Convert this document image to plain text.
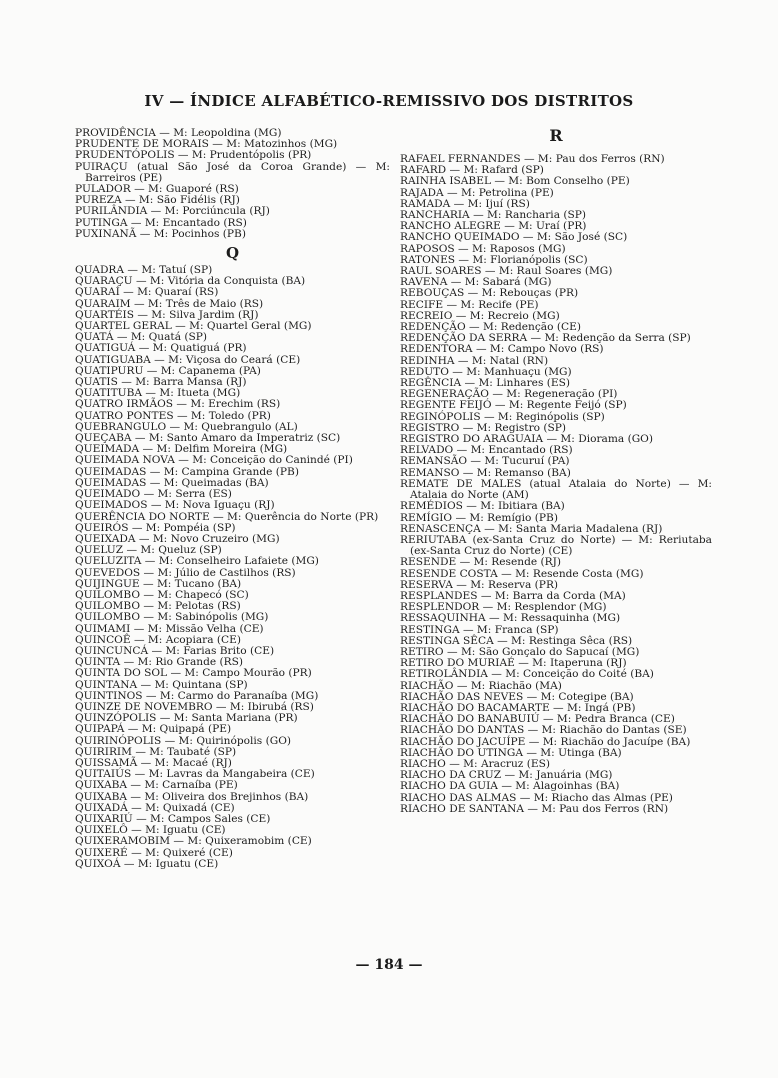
IV — ÍNDICE ALFABÉTICO-REMISSIVO DOS DISTRITOS

PROVIDÊNCIA — M: Leopoldina (MG)

PRUDENTE DE MORAIS — M: Matozinhos (MG)

PRUDENTÓPOLIS — M: Prudentópolis (PR)

PUIRAÇU (atual São José da Coroa Grande) — M: Barreiros (PE)

PULADOR — M: Guaporé (RS)

PUREZA — M: São Fidélis (RJ)

PURILÂNDIA — M: Porciúncula (RJ)

PUTINGA — M: Encantado (RS)

PUXINANÃ — M: Pocinhos (PB)

Q

QUADRA — M: Tatuí (SP)

QUARAÇU — M: Vitória da Conquista (BA)

QUARAÍ — M: Quaraí (RS)

QUARAIM — M: Três de Maio (RS)

QUARTÉIS — M: Silva Jardim (RJ)

QUARTEL GERAL — M: Quartel Geral (MG)

QUATÁ — M: Quatá (SP)

QUATIGUÁ — M: Quatiguá (PR)

QUATIGUABA — M: Viçosa do Ceará (CE)

QUATIPURU — M: Capanema (PA)

QUATIS — M: Barra Mansa (RJ)

QUATITUBA — M: Itueta (MG)

QUATRO IRMÃOS — M: Erechim (RS)

QUATRO PONTES — M: Toledo (PR)

QUEBRANGULO — M: Quebrangulo (AL)

QUEÇABA — M: Santo Amaro da Imperatriz (SC)

QUEIMADA — M: Delfim Moreira (MG)

QUEIMADA NOVA — M: Conceição do Canindé (PI)

QUEIMADAS — M: Campina Grande (PB)

QUEIMADAS — M: Queimadas (BA)

QUEIMADO — M: Serra (ES)

QUEIMADOS — M: Nova Iguaçu (RJ)

QUERÊNCIA DO NORTE — M: Querência do Norte (PR)

QUEIRÓS — M: Pompéia (SP)

QUEIXADA — M: Novo Cruzeiro (MG)

QUELUZ — M: Queluz (SP)

QUELUZITA — M: Conselheiro Lafaiete (MG)

QUEVEDOS — M: Júlio de Castilhos (RS)

QUIJINGUE — M: Tucano (BA)

QUILOMBO — M: Chapecó (SC)

QUILOMBO — M: Pelotas (RS)

QUILOMBO — M: Sabinópolis (MG)

QUIMAMI — M: Missão Velha (CE)

QUINCOÊ — M: Acopiara (CE)

QUINCUNCÁ — M: Farias Brito (CE)

QUINTA — M: Rio Grande (RS)

QUINTA DO SOL — M: Campo Mourão (PR)

QUINTANA — M: Quintana (SP)

QUINTINOS — M: Carmo do Paranaíba (MG)

QUINZE DE NOVEMBRO — M: Ibirubá (RS)

QUINZÓPOLIS — M: Santa Mariana (PR)

QUIPAPÁ — M: Quipapá (PE)

QUIRINÓPOLIS — M: Quirinópolis (GO)

QUIRIRIM — M: Taubaté (SP)

QUISSAMÃ — M: Macaé (RJ)

QUITAIÚS — M: Lavras da Mangabeira (CE)

QUIXABA — M: Carnaíba (PE)

QUIXABA — M: Oliveira dos Brejinhos (BA)

QUIXADÁ — M: Quixadá (CE)

QUIXARIÚ — M: Campos Sales (CE)

QUIXELÔ — M: Iguatu (CE)

QUIXERAMOBIM — M: Quixeramobim (CE)

QUIXERÉ — M: Quixeré (CE)

QUIXOÁ — M: Iguatu (CE)

R

RAFAEL FERNANDES — M: Pau dos Ferros (RN)

RAFARD — M: Rafard (SP)

RAINHA ISABEL — M: Bom Conselho (PE)

RAJADA — M: Petrolina (PE)

RAMADA — M: Ijuí (RS)

RANCHARIA — M: Rancharia (SP)

RANCHO ALEGRE — M: Uraí (PR)

RANCHO QUEIMADO — M: São José (SC)

RAPOSOS — M: Raposos (MG)

RATONES — M: Florianópolis (SC)

RAUL SOARES — M: Raul Soares (MG)

RAVENA — M: Sabará (MG)

REBOUÇAS — M: Rebouças (PR)

RECIFE — M: Recife (PE)

RECREIO — M: Recreio (MG)

REDENÇÃO — M: Redenção (CE)

REDENÇÃO DA SERRA — M: Redenção da Serra (SP)

REDENTORA — M: Campo Novo (RS)

REDINHA — M: Natal (RN)

REDUTO — M: Manhuaçu (MG)

REGÊNCIA — M: Linhares (ES)

REGENERAÇÃO — M: Regeneração (PI)

REGENTE FEIJÓ — M: Regente Feijó (SP)

REGINÓPOLIS — M: Reginópolis (SP)

REGISTRO — M: Registro (SP)

REGISTRO DO ARAGUAIA — M: Diorama (GO)

RELVADO — M: Encantado (RS)

REMANSÃO — M: Tucuruí (PA)

REMANSO — M: Remanso (BA)

REMATE DE MALES (atual Atalaia do Norte) — M: Atalaia do Norte (AM)

REMÉDIOS — M: Ibitiara (BA)

REMÍGIO — M: Remígio (PB)

RENASCENÇA — M: Santa Maria Madalena (RJ)

RERIUTABA (ex-Santa Cruz do Norte) — M: Reriutaba (ex-Santa Cruz do Norte) (CE)

RESENDE — M: Resende (RJ)

RESENDE COSTA — M: Resende Costa (MG)

RESERVA — M: Reserva (PR)

RESPLANDES — M: Barra da Corda (MA)

RESPLENDOR — M: Resplendor (MG)

RESSAQUINHA — M: Ressaquinha (MG)

RESTINGA — M: Franca (SP)

RESTINGA SÊCA — M: Restinga Sêca (RS)

RETIRO — M: São Gonçalo do Sapucaí (MG)

RETIRO DO MURIAÉ — M: Itaperuna (RJ)

RETIROLÂNDIA — M: Conceição do Coité (BA)

RIACHÃO — M: Riachão (MA)

RIACHÃO DAS NEVES — M: Cotegipe (BA)

RIACHÃO DO BACAMARTE — M: Ingá (PB)

RIACHÃO DO BANABUIÚ — M: Pedra Branca (CE)

RIACHÃO DO DANTAS — M: Riachão do Dantas (SE)

RIACHÃO DO JACUÍPE — M: Riachão do Jacuípe (BA)

RIACHÃO DO UTINGA — M: Utinga (BA)

RIACHO — M: Aracruz (ES)

RIACHO DA CRUZ — M: Januária (MG)

RIACHO DA GUIA — M: Alagoinhas (BA)

RIACHO DAS ALMAS — M: Riacho das Almas (PE)

RIACHO DE SANTANA — M: Pau dos Ferros (RN)

— 184 —
